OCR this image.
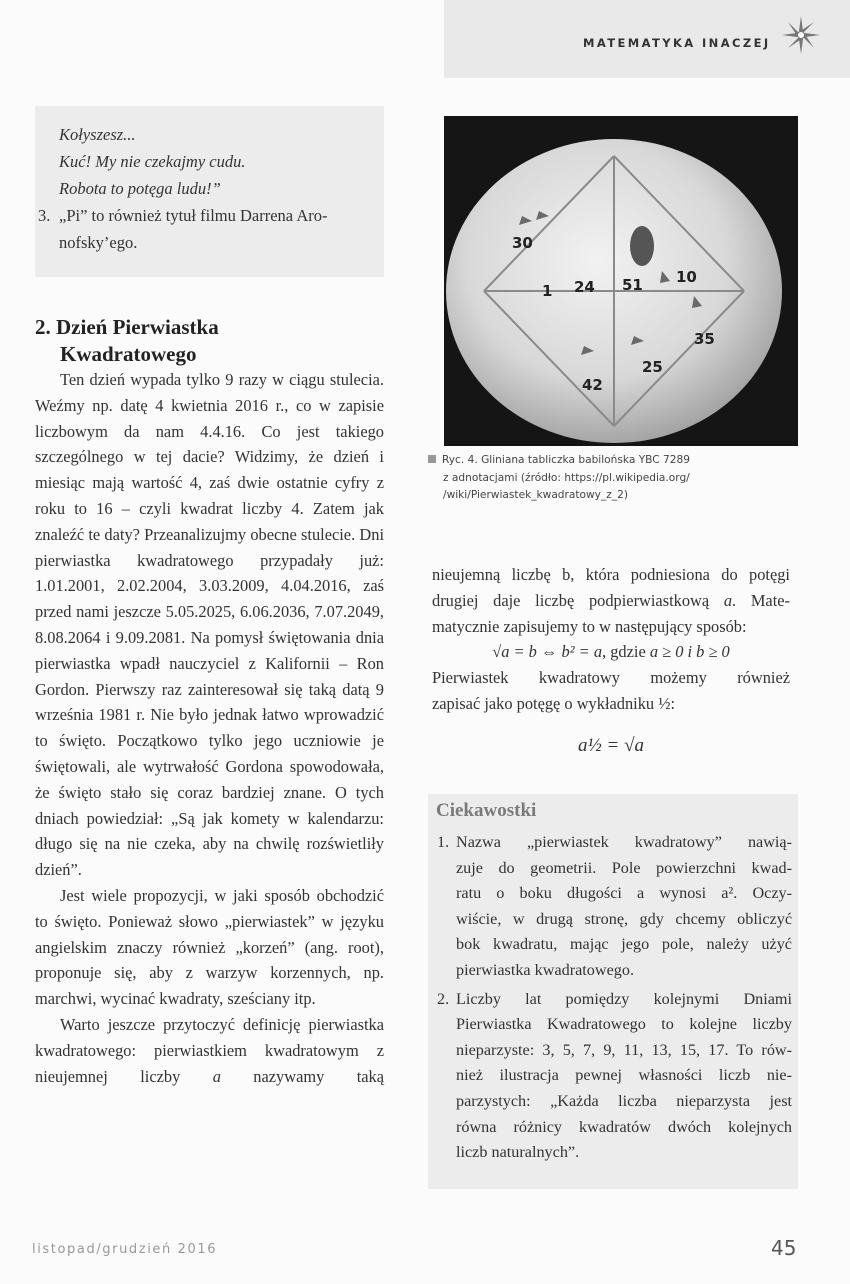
MATEMATYKA INACZEJ
Kołyszesz...
Kuć! My nie czekajmy cudu.
Robota to potęga ludu!”
3. „Pi” to również tytuł filmu Darrena Aro-
nofsky’ego.
2. Dzień Pierwiastka
Kwadratowego

Ten dzień wypada tylko 9 razy w ciągu stulecia. Weźmy np. datę 4 kwietnia 2016 r., co w zapisie liczbowym da nam 4.4.16. Co jest takiego szczególnego w tej dacie? Widzimy, że dzień i miesiąc mają wartość 4, zaś dwie ostatnie cyfry z roku to 16 – czyli kwadrat liczby 4. Zatem jak znaleźć te daty? Przeanalizujmy obecne stulecie. Dni pierwiastka kwadratowego przypadały już: 1.01.2001, 2.02.2004, 3.03.2009, 4.04.2016, zaś przed nami jeszcze 5.05.2025, 6.06.2036, 7.07.2049, 8.08.2064 i 9.09.2081. Na pomysł świętowania dnia pierwiastka wpadł nauczyciel z Kalifornii – Ron Gordon. Pierwszy raz zainteresował się taką datą 9 września 1981 r. Nie było jednak łatwo wprowadzić to święto. Początkowo tylko jego uczniowie je świętowali, ale wytrwałość Gordona spowodowała, że święto stało się coraz bardziej znane. O tych dniach powiedział: „Są jak komety w kalendarzu: długo się na nie czeka, aby na chwilę rozświetliły dzień”.

Jest wiele propozycji, w jaki sposób obchodzić to święto. Ponieważ słowo „pierwiastek” w języku angielskim znaczy również „korzeń” (ang. root), proponuje się, aby z warzyw korzennych, np. marchwi, wycinać kwadraty, sześciany itp.

Warto jeszcze przytoczyć definicję pierwiastka kwadratowego: pierwiastkiem kwadratowym z nieujemnej liczby a nazywamy taką

30
1 24 51 10
35
25
42
Ryc. 4. Gliniana tabliczka babilońska YBC 7289
z adnotacjami (źródło: https://pl.wikipedia.org/
/wiki/Pierwiastek_kwadratowy_z_2)
nieujemną liczbę b, która podniesiona do potęgi
drugiej daje liczbę podpierwiastkową a. Mate-
matycznie zapisujemy to w następujący sposób:
√a = b ⇔ b² = a, gdzie a ≥ 0 i b ≥ 0
Pierwiastek kwadratowy możemy również
zapisać jako potęgę o wykładniku ½:
a½ = √a
Ciekawostki
1. Nazwa „pierwiastek kwadratowy” nawią-
zuje do geometrii. Pole powierzchni kwad-
ratu o boku długości a wynosi a². Oczy-
wiście, w drugą stronę, gdy chcemy obliczyć
bok kwadratu, mając jego pole, należy użyć
pierwiastka kwadratowego.
2. Liczby lat pomiędzy kolejnymi Dniami
Pierwiastka Kwadratowego to kolejne liczby
nieparzyste: 3, 5, 7, 9, 11, 13, 15, 17. To rów-
nież ilustracja pewnej własności liczb nie-
parzystych: „Każda liczba nieparzysta jest
równa różnicy kwadratów dwóch kolejnych
liczb naturalnych”.
listopad/grudzień 2016	45
